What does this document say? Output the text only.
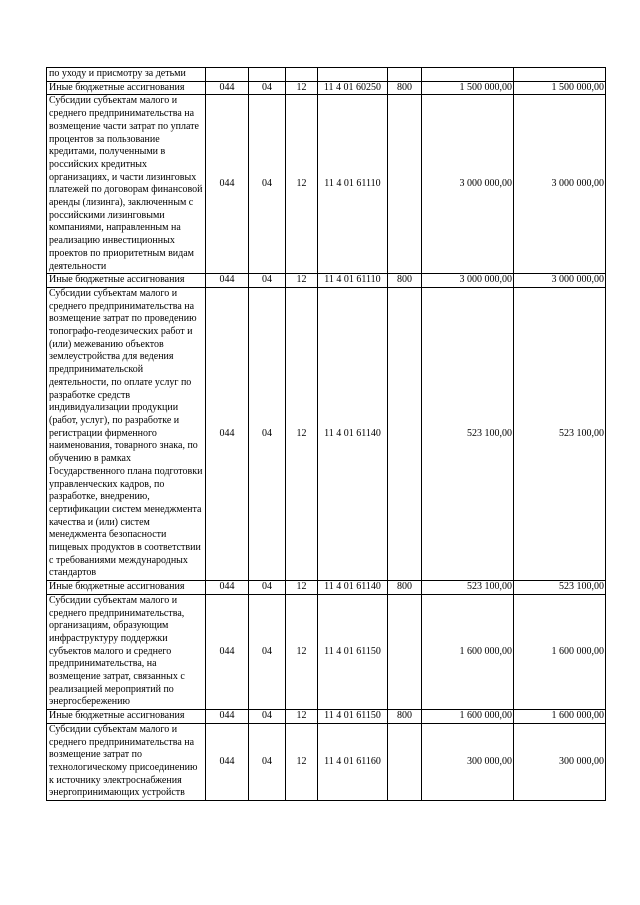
по уходу и присмотру за детьми							
Иные бюджетные ассигнования	044	04	12	11 4 01 60250	800	1 500 000,00	1 500 000,00
Субсидии субъектам малого и среднего предпринимательства на возмещение части затрат по уплате процентов за пользование кредитами, полученными в российских кредитных организациях, и части лизинговых платежей по договорам финансовой аренды (лизинга), заключенным с российскими лизинговыми компаниями, направленным на реализацию инвестиционных проектов по приоритетным видам деятельности	044	04	12	11 4 01 61110		3 000 000,00	3 000 000,00
Иные бюджетные ассигнования	044	04	12	11 4 01 61110	800	3 000 000,00	3 000 000,00
Субсидии субъектам малого и среднего предпринимательства на возмещение затрат по проведению топографо-геодезических работ и (или) межеванию объектов землеустройства для ведения предпринимательской деятельности, по оплате услуг по разработке средств индивидуализации продукции (работ, услуг), по разработке и регистрации фирменного наименования, товарного знака, по обучению в рамках Государственного плана подготовки управленческих кадров, по разработке, внедрению, сертификации систем менеджмента качества и (или) систем менеджмента безопасности пищевых продуктов в соответствии с требованиями международных стандартов	044	04	12	11 4 01 61140		523 100,00	523 100,00
Иные бюджетные ассигнования	044	04	12	11 4 01 61140	800	523 100,00	523 100,00
Субсидии субъектам малого и среднего предпринимательства, организациям, образующим инфраструктуру поддержки субъектов малого и среднего предпринимательства, на возмещение затрат, связанных с реализацией мероприятий по энергосбережению	044	04	12	11 4 01 61150		1 600 000,00	1 600 000,00
Иные бюджетные ассигнования	044	04	12	11 4 01 61150	800	1 600 000,00	1 600 000,00
Субсидии субъектам малого и среднего предпринимательства на возмещение затрат по технологическому присоединению к источнику электроснабжения энергопринимающих устройств	044	04	12	11 4 01 61160		300 000,00	300 000,00
